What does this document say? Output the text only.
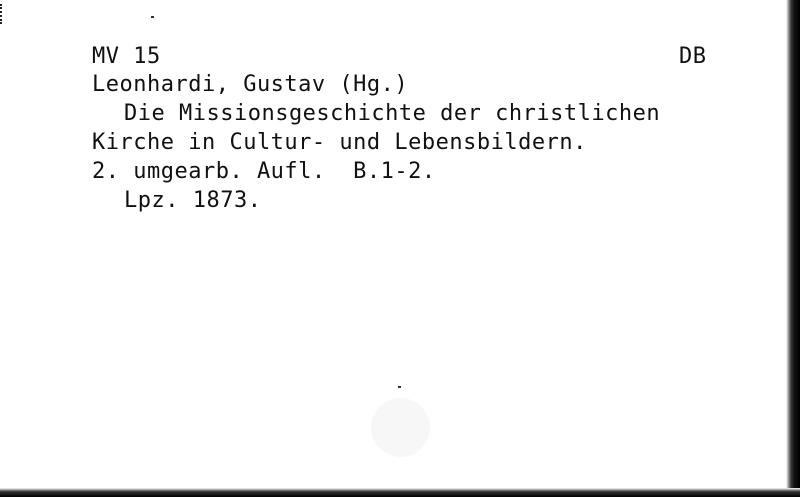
MV 15	DB
Leonhardi, Gustav (Hg.)
Die Missionsgeschichte der christlichen
Kirche in Cultur- und Lebensbildern.
2. umgearb. Aufl.  B.1-2.
Lpz. 1873.
